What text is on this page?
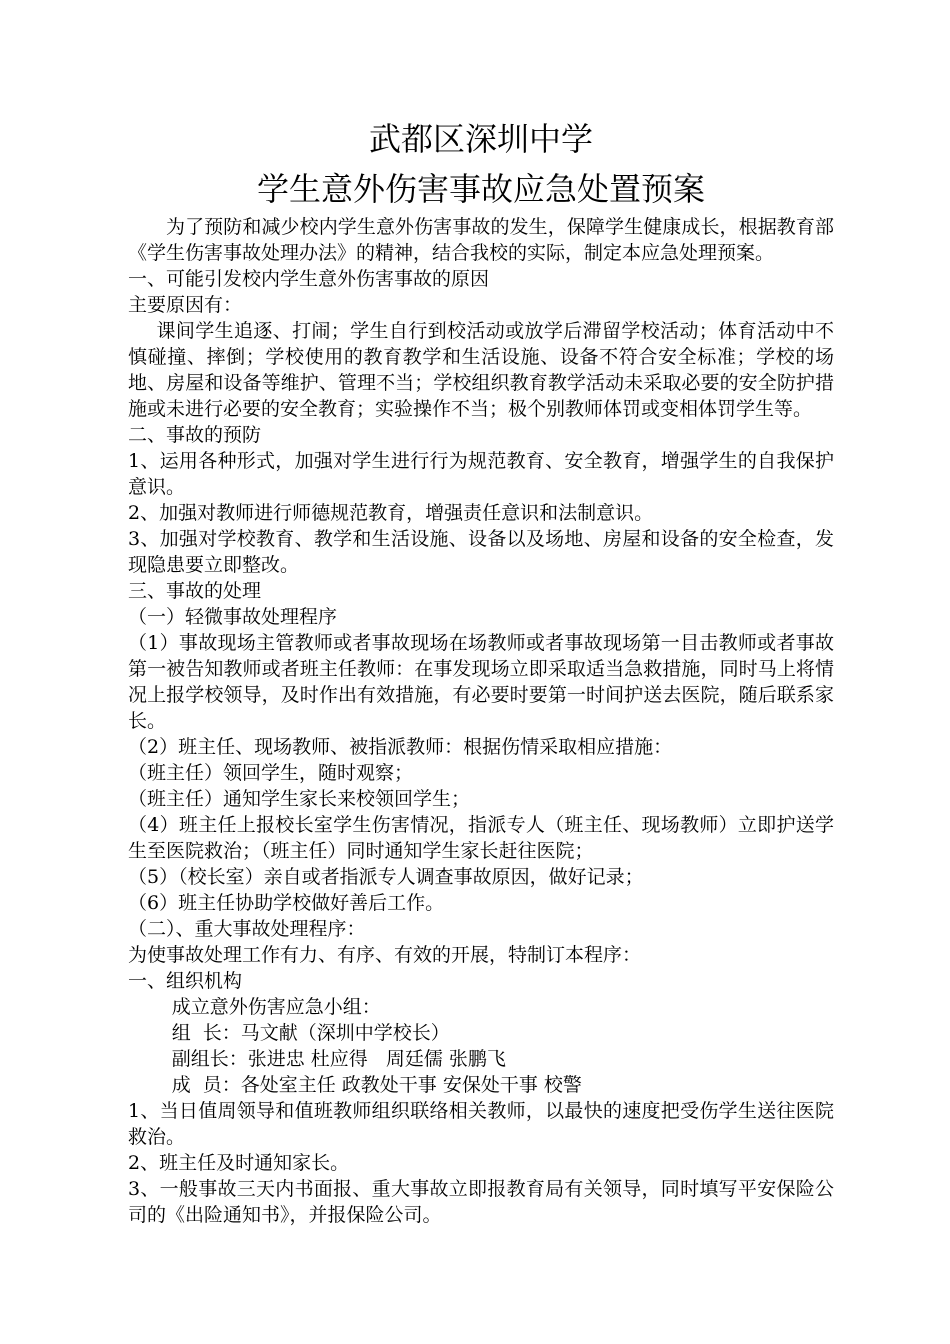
武都区深圳中学
学生意外伤害事故应急处置预案

为了预防和减少校内学生意外伤害事故的发生，保障学生健康成长，根据教育部《学生伤害事故处理办法》的精神，结合我校的实际，制定本应急处理预案。

一、可能引发校内学生意外伤害事故的原因

主要原因有：

课间学生追逐、打闹；学生自行到校活动或放学后滞留学校活动；体育活动中不慎碰撞、摔倒；学校使用的教育教学和生活设施、设备不符合安全标准；学校的场地、房屋和设备等维护、管理不当；学校组织教育教学活动未采取必要的安全防护措施或未进行必要的安全教育；实验操作不当；极个别教师体罚或变相体罚学生等。

二、事故的预防

1、运用各种形式，加强对学生进行行为规范教育、安全教育，增强学生的自我保护意识。

2、加强对教师进行师德规范教育，增强责任意识和法制意识。

3、加强对学校教育、教学和生活设施、设备以及场地、房屋和设备的安全检查，发现隐患要立即整改。

三、事故的处理

（一）轻微事故处理程序

（1）事故现场主管教师或者事故现场在场教师或者事故现场第一目击教师或者事故第一被告知教师或者班主任教师：在事发现场立即采取适当急救措施，同时马上将情况上报学校领导，及时作出有效措施，有必要时要第一时间护送去医院，随后联系家长。

（2）班主任、现场教师、被指派教师：根据伤情采取相应措施：

（班主任）领回学生，随时观察；

（班主任）通知学生家长来校领回学生；

（4）班主任上报校长室学生伤害情况，指派专人（班主任、现场教师）立即护送学生至医院救治；（班主任）同时通知学生家长赶往医院；

（5）（校长室）亲自或者指派专人调查事故原因，做好记录；

（6）班主任协助学校做好善后工作。

（二）、重大事故处理程序：

为使事故处理工作有力、有序、有效的开展，特制订本程序：

一、组织机构

成立意外伤害应急小组：

组  长：马文献（深圳中学校长）

副组长：张进忠 杜应得   周廷儒 张鹏飞

成  员：各处室主任 政教处干事 安保处干事 校警

1、当日值周领导和值班教师组织联络相关教师，以最快的速度把受伤学生送往医院救治。

2、班主任及时通知家长。

3、一般事故三天内书面报、重大事故立即报教育局有关领导，同时填写平安保险公司的《出险通知书》，并报保险公司。
